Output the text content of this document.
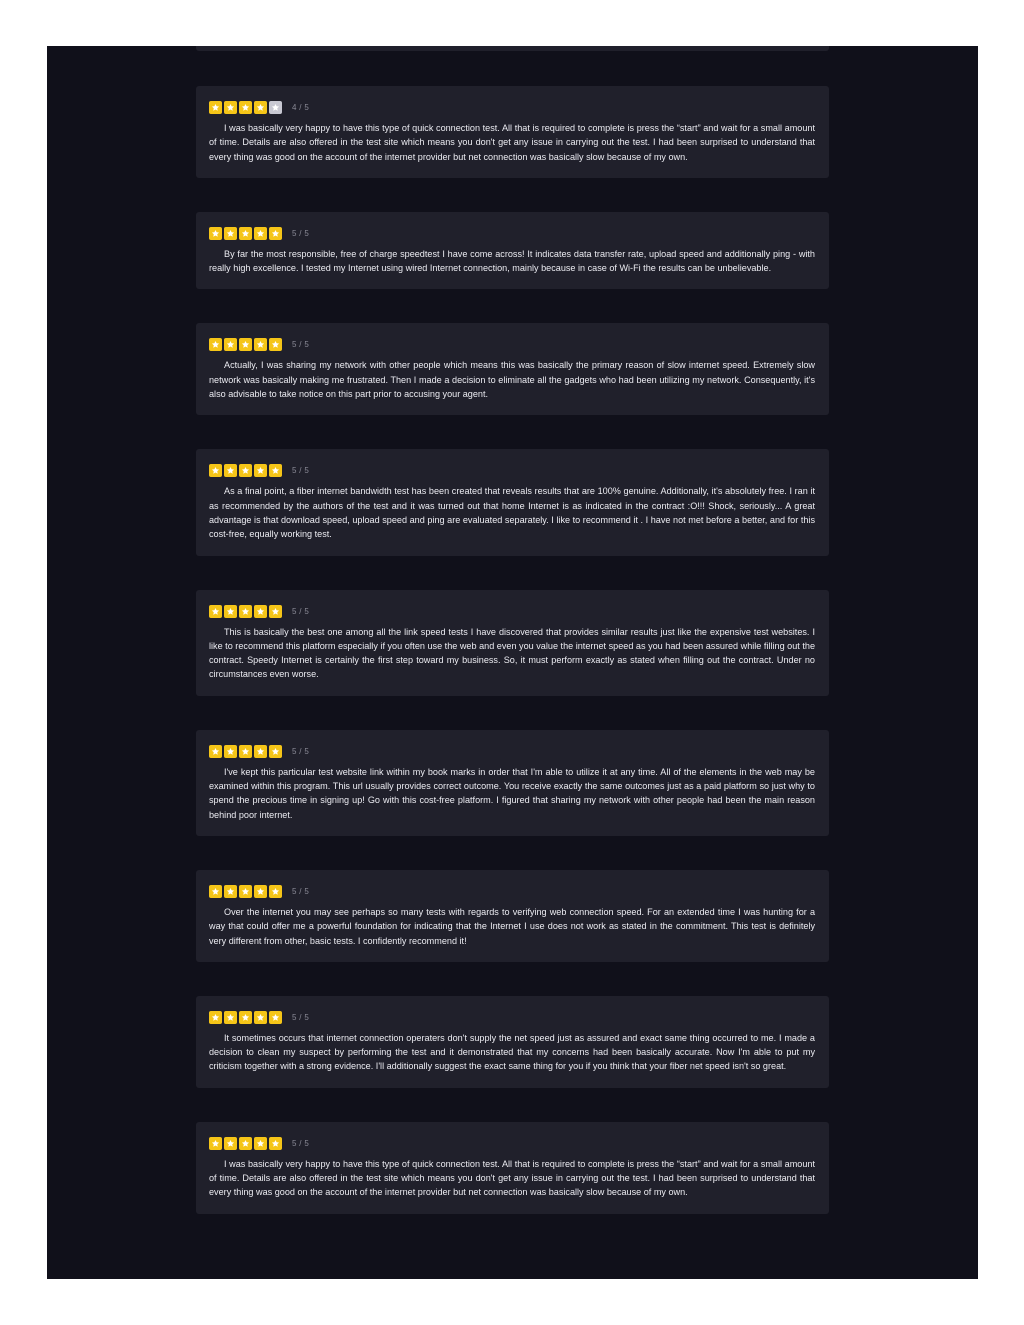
4 / 5

I was basically very happy to have this type of quick connection test. All that is required to complete is press the “start” and wait for a small amount of time. Details are also offered in the test site which means you don't get any issue in carrying out the test. I had been surprised to understand that every thing was good on the account of the internet provider but net connection was basically slow because of my own.

5 / 5

By far the most responsible, free of charge speedtest I have come across! It indicates data transfer rate, upload speed and additionally ping - with really high excellence. I tested my Internet using wired Internet connection, mainly because in case of Wi-Fi the results can be unbelievable.

5 / 5

Actually, I was sharing my network with other people which means this was basically the primary reason of slow internet speed. Extremely slow network was basically making me frustrated. Then I made a decision to eliminate all the gadgets who had been utilizing my network. Consequently, it's also advisable to take notice on this part prior to accusing your agent.

5 / 5

As a final point, a fiber internet bandwidth test has been created that reveals results that are 100% genuine. Additionally, it's absolutely free. I ran it as recommended by the authors of the test and it was turned out that home Internet is as indicated in the contract :O!!! Shock, seriously... A great advantage is that download speed, upload speed and ping are evaluated separately. I like to recommend it . I have not met before a better, and for this cost-free, equally working test.

5 / 5

This is basically the best one among all the link speed tests I have discovered that provides similar results just like the expensive test websites. I like to recommend this platform especially if you often use the web and even you value the internet speed as you had been assured while filling out the contract. Speedy Internet is certainly the first step toward my business. So, it must perform exactly as stated when filling out the contract. Under no circumstances even worse.

5 / 5

I've kept this particular test website link within my book marks in order that I'm able to utilize it at any time. All of the elements in the web may be examined within this program. This url usually provides correct outcome. You receive exactly the same outcomes just as a paid platform so just why to spend the precious time in signing up! Go with this cost-free platform. I figured that sharing my network with other people had been the main reason behind poor internet.

5 / 5

Over the internet you may see perhaps so many tests with regards to verifying web connection speed. For an extended time I was hunting for a way that could offer me a powerful foundation for indicating that the Internet I use does not work as stated in the commitment. This test is definitely very different from other, basic tests. I confidently recommend it!

5 / 5

It sometimes occurs that internet connection operaters don't supply the net speed just as assured and exact same thing occurred to me. I made a decision to clean my suspect by performing the test and it demonstrated that my concerns had been basically accurate. Now I'm able to put my criticism together with a strong evidence. I'll additionally suggest the exact same thing for you if you think that your fiber net speed isn't so great.

5 / 5

I was basically very happy to have this type of quick connection test. All that is required to complete is press the “start” and wait for a small amount of time. Details are also offered in the test site which means you don't get any issue in carrying out the test. I had been surprised to understand that every thing was good on the account of the internet provider but net connection was basically slow because of my own.
